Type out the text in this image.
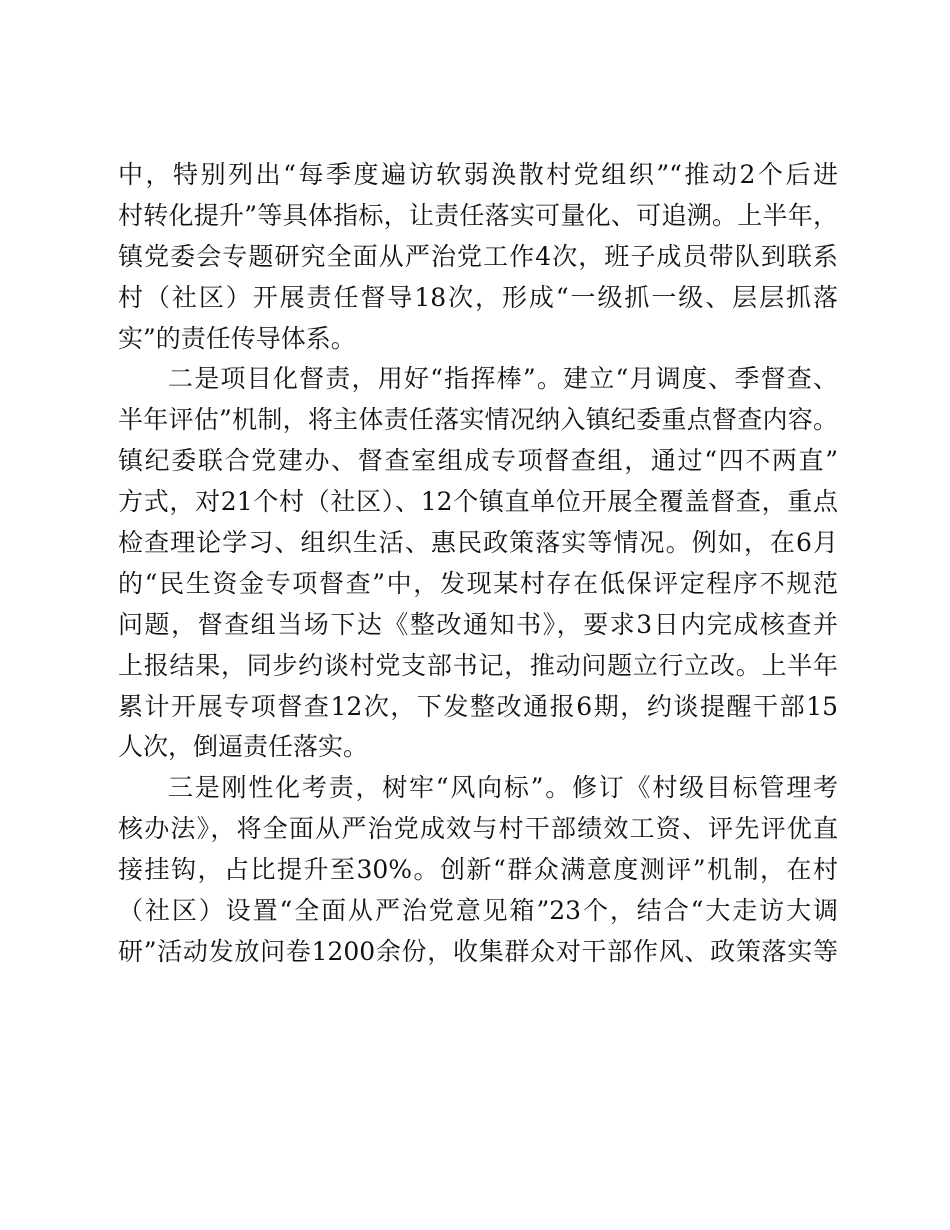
中，特别列出“每季度遍访软弱涣散村党组织”“推动2个后进
村转化提升”等具体指标，让责任落实可量化、可追溯。上半年，
镇党委会专题研究全面从严治党工作4次，班子成员带队到联系
村（社区）开展责任督导18次，形成“一级抓一级、层层抓落
实”的责任传导体系。
二是项目化督责，用好“指挥棒”。建立“月调度、季督查、
半年评估”机制，将主体责任落实情况纳入镇纪委重点督查内容。
镇纪委联合党建办、督查室组成专项督查组，通过“四不两直”
方式，对21个村（社区）、12个镇直单位开展全覆盖督查，重点
检查理论学习、组织生活、惠民政策落实等情况。例如，在6月
的“民生资金专项督查”中，发现某村存在低保评定程序不规范
问题，督查组当场下达《整改通知书》，要求3日内完成核查并
上报结果，同步约谈村党支部书记，推动问题立行立改。上半年
累计开展专项督查12次，下发整改通报6期，约谈提醒干部15
人次，倒逼责任落实。
三是刚性化考责，树牢“风向标”。修订《村级目标管理考
核办法》，将全面从严治党成效与村干部绩效工资、评先评优直
接挂钩，占比提升至30%。创新“群众满意度测评”机制，在村
（社区）设置“全面从严治党意见箱”23个，结合“大走访大调
研”活动发放问卷1200余份，收集群众对干部作风、政策落实等
